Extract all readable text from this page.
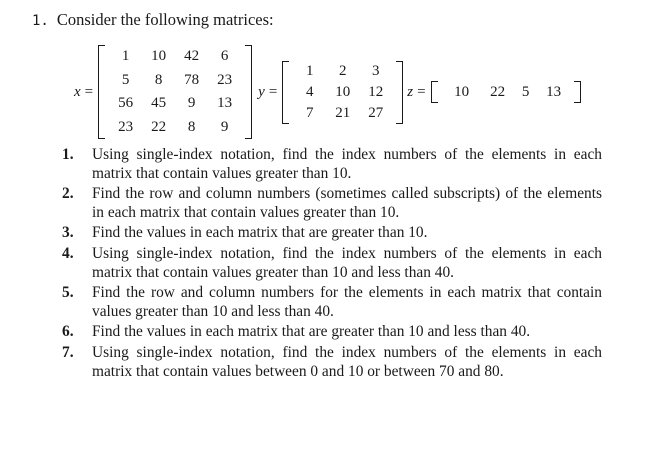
1. Consider the following matrices:
x =
1	10	42	6
5	8	78	23
56	45	9	13
23	22	8	9
y =
1	2	3
4	10	12
7	21	27
z =	10	22	5	13
1.	Using single-index notation, find the index numbers of the elements in each matrix that contain values greater than 10.
2.	Find the row and column numbers (sometimes called subscripts) of the elements in each matrix that contain values greater than 10.
3.	Find the values in each matrix that are greater than 10.
4.	Using single-index notation, find the index numbers of the elements in each matrix that contain values greater than 10 and less than 40.
5.	Find the row and column numbers for the elements in each matrix that contain values greater than 10 and less than 40.
6.	Find the values in each matrix that are greater than 10 and less than 40.
7.	Using single-index notation, find the index numbers of the elements in each matrix that contain values between 0 and 10 or between 70 and 80.
